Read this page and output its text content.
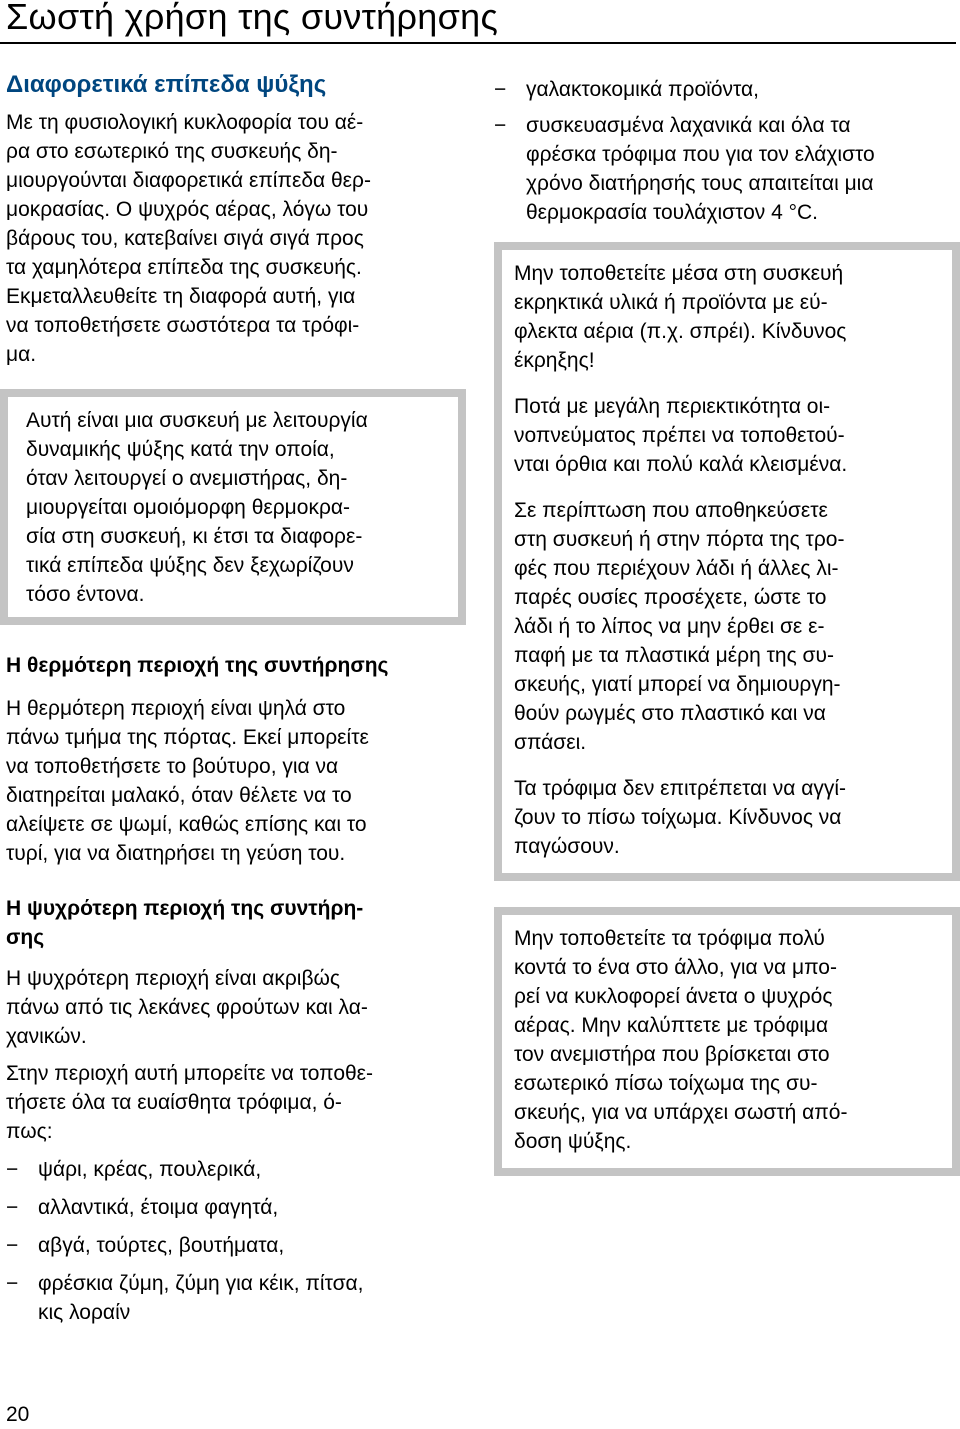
Σωστή χρήση της συντήρησης
Διαφορετικά επίπεδα ψύξης

Με τη φυσιολογική κυκλοφορία του αέ-
ρα στο εσωτερικό της συσκευής δη-
μιουργούνται διαφορετικά επίπεδα θερ-
μοκρασίας. Ο ψυχρός αέρας, λόγω του
βάρους του, κατεβαίνει σιγά σιγά προς
τα χαμηλότερα επίπεδα της συσκευής.
Εκμεταλλευθείτε τη διαφορά αυτή, για
να τοποθετήσετε σωστότερα τα τρόφι-
μα.

Αυτή είναι μια συσκευή με λειτουργία
δυναμικής ψύξης κατά την οποία,
όταν λειτουργεί ο ανεμιστήρας, δη-
μιουργείται ομοιόμορφη θερμοκρα-
σία στη συσκευή, κι έτσι τα διαφορε-
τικά επίπεδα ψύξης δεν ξεχωρίζουν
τόσο έντονα.

Η θερμότερη περιοχή της συντήρησης

Η θερμότερη περιοχή είναι ψηλά στο
πάνω τμήμα της πόρτας. Εκεί μπορείτε
να τοποθετήσετε το βούτυρο, για να
διατηρείται μαλακό, όταν θέλετε να το
αλείψετε σε ψωμί, καθώς επίσης και το
τυρί, για να διατηρήσει τη γεύση του.

Η ψυχρότερη περιοχή της συντήρη-
σης

Η ψυχρότερη περιοχή είναι ακριβώς
πάνω από τις λεκάνες φρούτων και λα-
χανικών.

Στην περιοχή αυτή μπορείτε να τοποθε-
τήσετε όλα τα ευαίσθητα τρόφιμα, ό-
πως:

− ψάρι, κρέας, πουλερικά,
− αλλαντικά, έτοιμα φαγητά,
− αβγά, τούρτες, βουτήματα,
− φρέσκια ζύμη, ζύμη για κέικ, πίτσα,
κις λοραίν
− γαλακτοκομικά προϊόντα,
− συσκευασμένα λαχανικά και όλα τα
φρέσκα τρόφιμα που για τον ελάχιστο
χρόνο διατήρησής τους απαιτείται μια
θερμοκρασία τουλάχιστον 4 °C.

Μην τοποθετείτε μέσα στη συσκευή
εκρηκτικά υλικά ή προϊόντα με εύ-
φλεκτα αέρια (π.χ. σπρέι). Κίνδυνος
έκρηξης!

Ποτά με μεγάλη περιεκτικότητα οι-
νοπνεύματος πρέπει να τοποθετού-
νται όρθια και πολύ καλά κλεισμένα.

Σε περίπτωση που αποθηκεύσετε
στη συσκευή ή στην πόρτα της τρο-
φές που περιέχουν λάδι ή άλλες λι-
παρές ουσίες προσέχετε, ώστε το
λάδι ή το λίπος να μην έρθει σε ε-
παφή με τα πλαστικά μέρη της συ-
σκευής, γιατί μπορεί να δημιουργη-
θούν ρωγμές στο πλαστικό και να
σπάσει.

Τα τρόφιμα δεν επιτρέπεται να αγγί-
ζουν το πίσω τοίχωμα. Κίνδυνος να
παγώσουν.

Μην τοποθετείτε τα τρόφιμα πολύ
κοντά το ένα στο άλλο, για να μπο-
ρεί να κυκλοφορεί άνετα ο ψυχρός
αέρας. Μην καλύπτετε με τρόφιμα
τον ανεμιστήρα που βρίσκεται στο
εσωτερικό πίσω τοίχωμα της συ-
σκευής, για να υπάρχει σωστή από-
δοση ψύξης.

20
